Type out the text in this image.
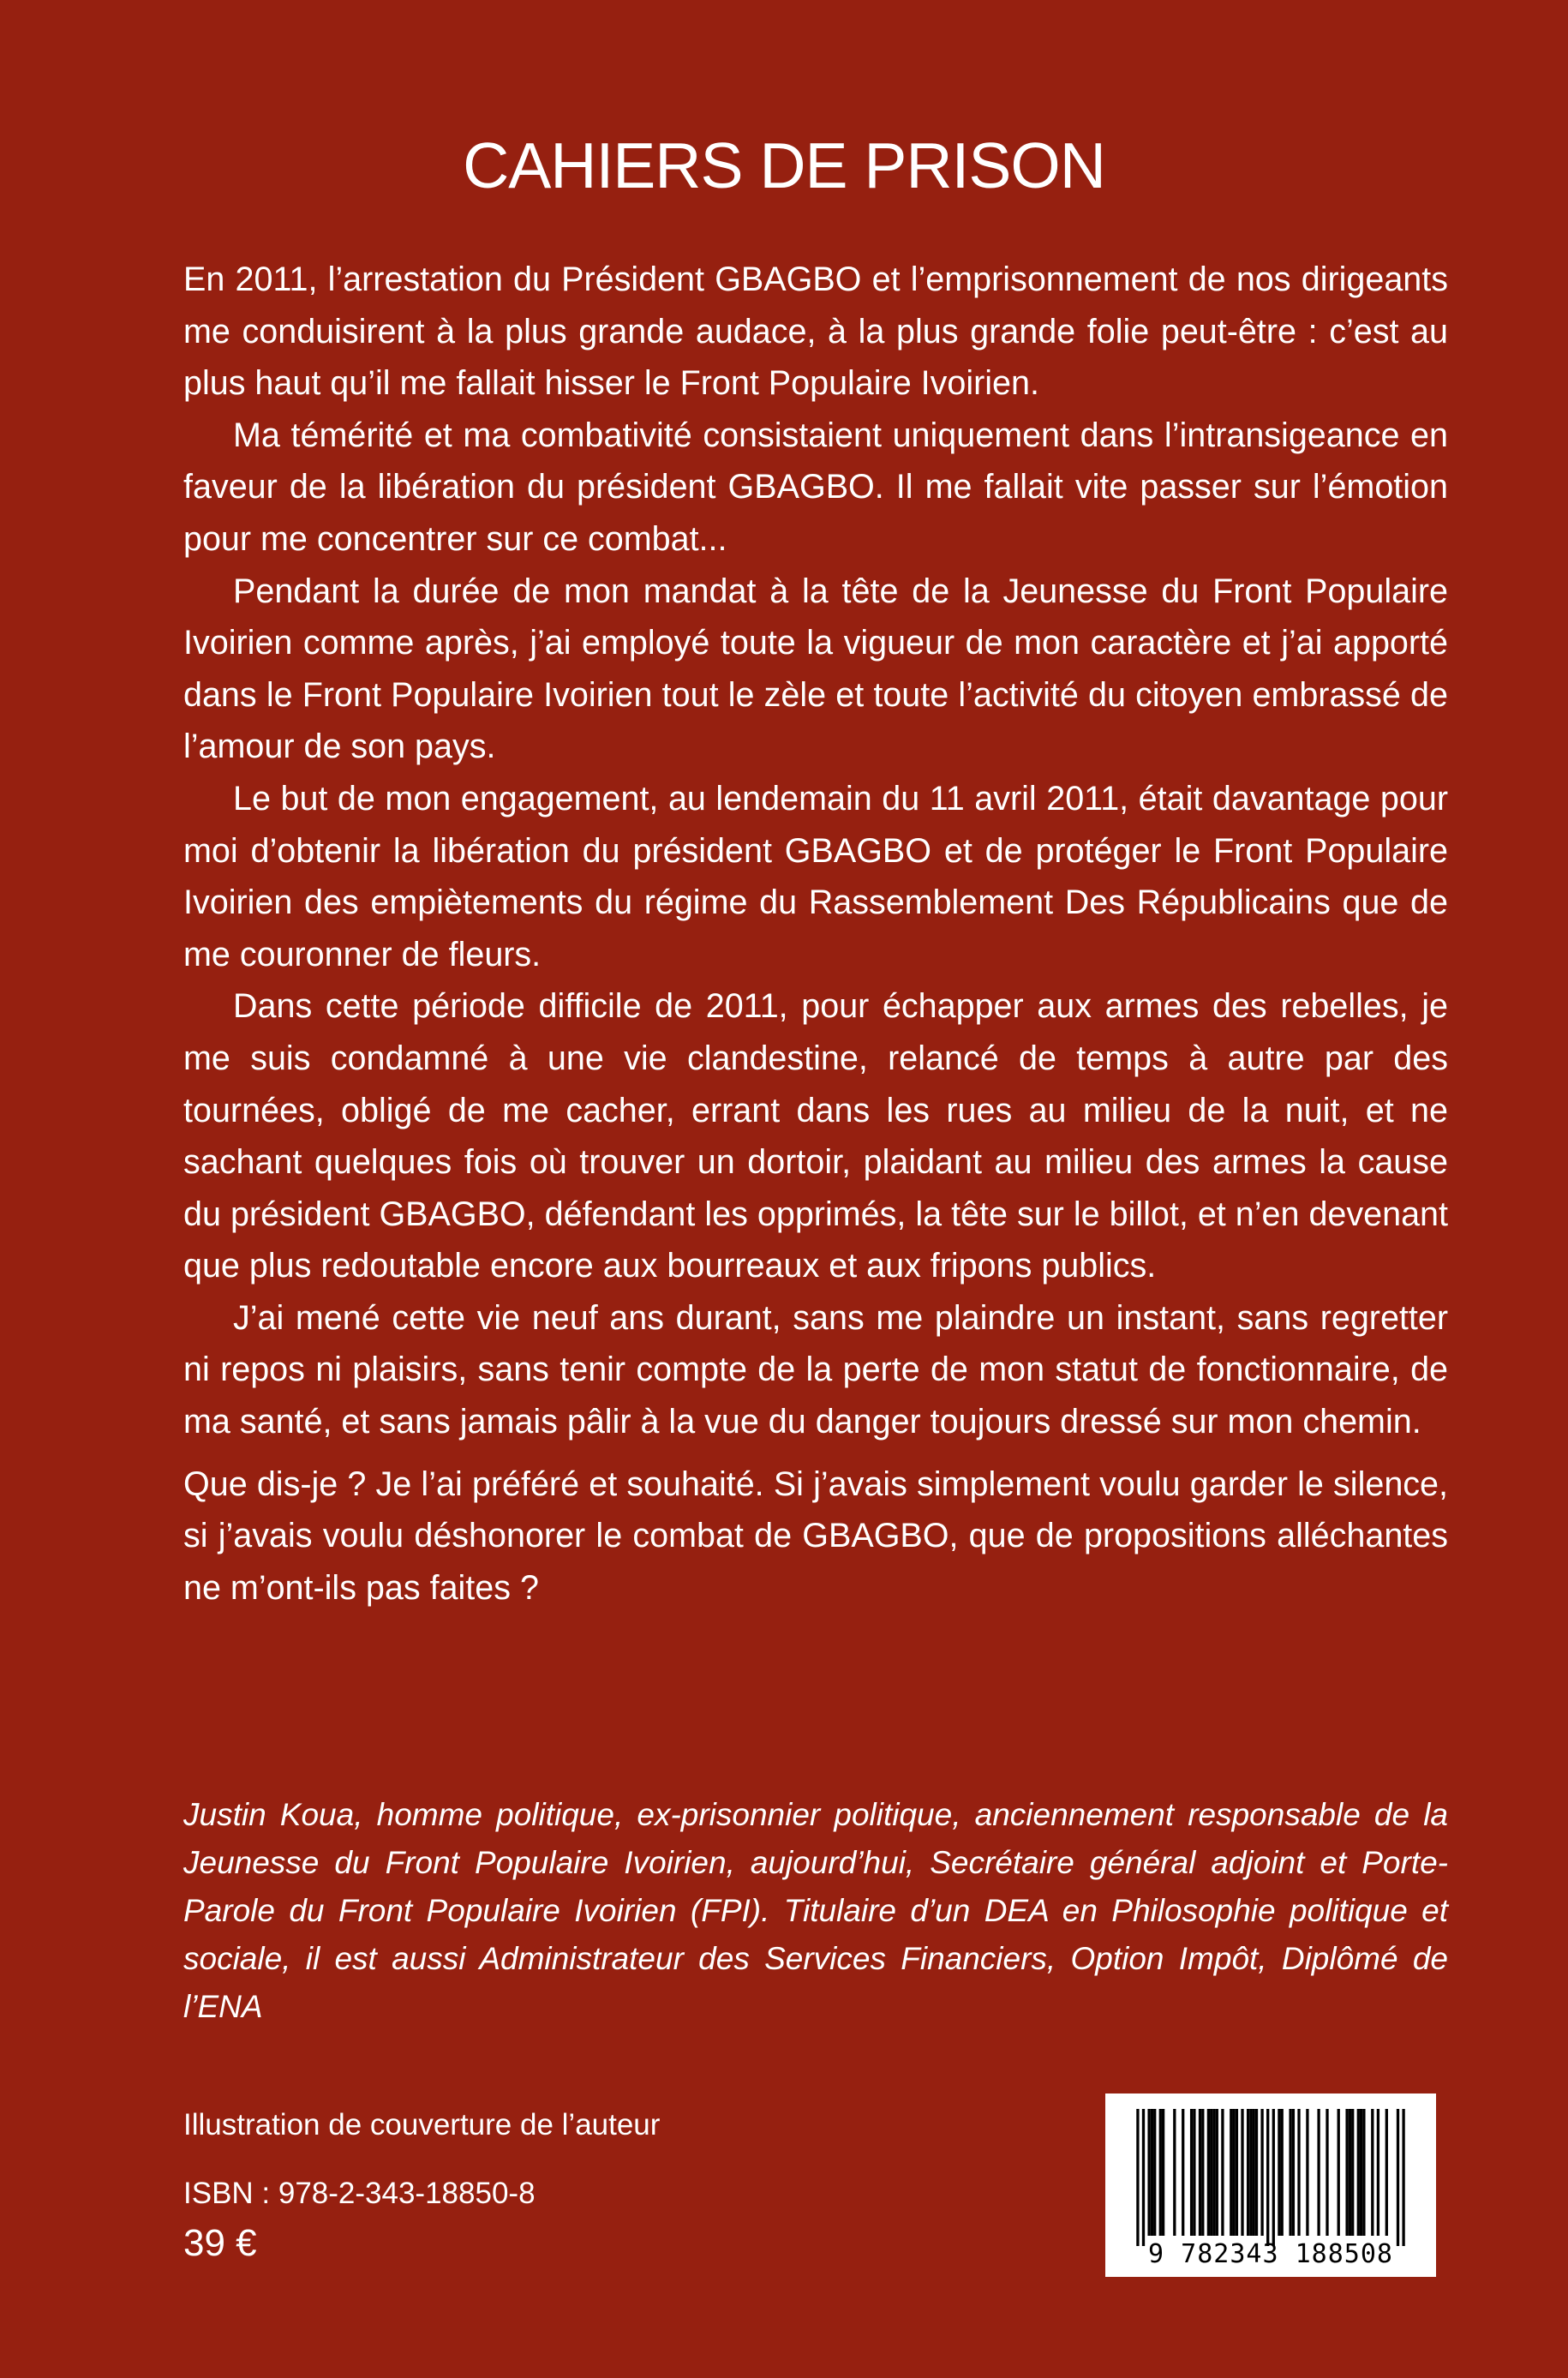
CAHIERS DE PRISON

En 2011, l’arrestation du Président GBAGBO et l’emprisonnement de nos dirigeants me conduisirent à la plus grande audace, à la plus grande folie peut-être : c’est au plus haut qu’il me fallait hisser le Front Populaire Ivoirien.

Ma témérité et ma combativité consistaient uniquement dans l’intransigeance en faveur de la libération du président GBAGBO. Il me fallait vite passer sur l’émotion pour me concentrer sur ce combat...

Pendant la durée de mon mandat à la tête de la Jeunesse du Front Populaire Ivoirien comme après, j’ai employé toute la vigueur de mon caractère et j’ai apporté dans le Front Populaire Ivoirien tout le zèle et toute l’activité du citoyen embrassé de l’amour de son pays.

Le but de mon engagement, au lendemain du 11 avril 2011, était davantage pour moi d’obtenir la libération du président GBAGBO et de protéger le Front Populaire Ivoirien des empiètements du régime du Rassemblement Des Républicains que de me couronner de fleurs.

Dans cette période difficile de 2011, pour échapper aux armes des rebelles, je me suis condamné à une vie clandestine, relancé de temps à autre par des tournées, obligé de me cacher, errant dans les rues au milieu de la nuit, et ne sachant quelques fois où trouver un dortoir, plaidant au milieu des armes la cause du président GBAGBO, défendant les opprimés, la tête sur le billot, et n’en devenant que plus redoutable encore aux bourreaux et aux fripons publics.

J’ai mené cette vie neuf ans durant, sans me plaindre un instant, sans regretter ni repos ni plaisirs, sans tenir compte de la perte de mon statut de fonctionnaire, de ma santé, et sans jamais pâlir à la vue du danger toujours dressé sur mon chemin.

Que dis-je ? Je l’ai préféré et souhaité. Si j’avais simplement voulu garder le silence, si j’avais voulu déshonorer le combat de GBAGBO, que de propositions alléchantes ne m’ont-ils pas faites ?

Justin Koua, homme politique, ex-prisonnier politique, anciennement responsable de la Jeunesse du Front Populaire Ivoirien, aujourd’hui, Secrétaire général adjoint et Porte-Parole du Front Populaire Ivoirien (FPI). Titulaire d’un DEA en Philosophie politique et sociale, il est aussi Administrateur des Services Financiers, Option Impôt, Diplômé de l’ENA

Illustration de couverture de l’auteur
ISBN : 978-2-343-18850-8
39 €	9 782343 188508
